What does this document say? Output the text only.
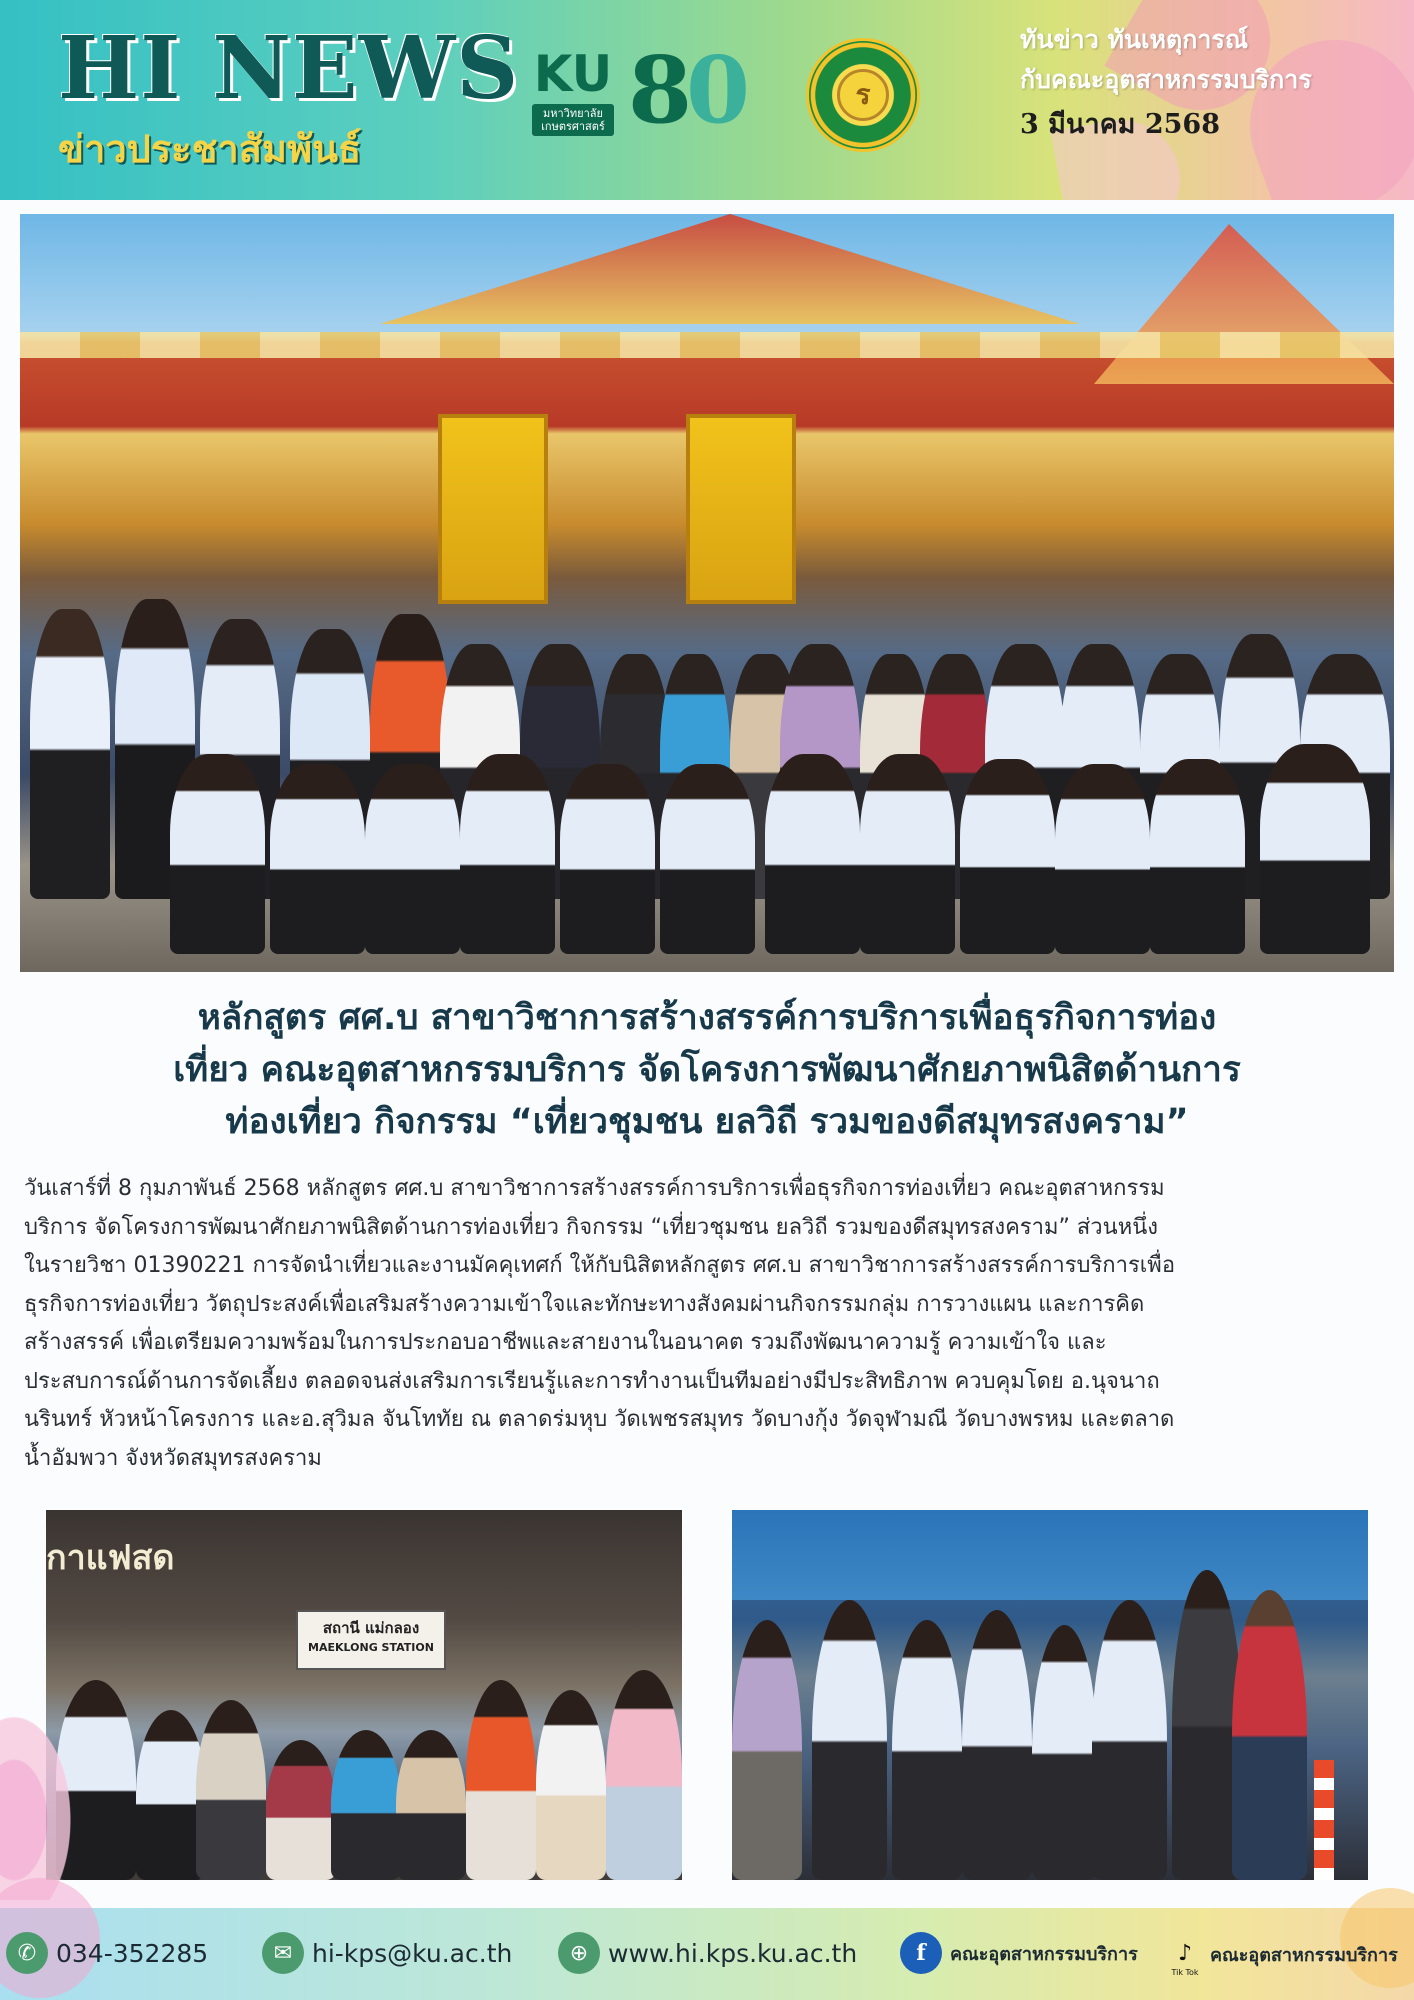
HI NEWS
ข่าวประชาสัมพันธ์
KU
มหาวิทยาลัยเกษตรศาสตร์ 80	ร
ทันข่าว ทันเหตุการณ์
กับคณะอุตสาหกรรมบริการ
3 มีนาคม 2568
หลักสูตร ศศ.บ สาขาวิชาการสร้างสรรค์การบริการเพื่อธุรกิจการท่อง
เที่ยว คณะอุตสาหกรรมบริการ จัดโครงการพัฒนาศักยภาพนิสิตด้านการ
ท่องเที่ยว กิจกรรม “เที่ยวชุมชน ยลวิถี รวมของดีสมุทรสงคราม”
วันเสาร์ที่ 8 กุมภาพันธ์ 2568 หลักสูตร ศศ.บ สาขาวิชาการสร้างสรรค์การบริการเพื่อธุรกิจการท่องเที่ยว คณะอุตสาหกรรม
บริการ จัดโครงการพัฒนาศักยภาพนิสิตด้านการท่องเที่ยว กิจกรรม “เที่ยวชุมชน ยลวิถี รวมของดีสมุทรสงคราม” ส่วนหนึ่ง
ในรายวิชา 01390221 การจัดนำเที่ยวและงานมัคคุเทศก์ ให้กับนิสิตหลักสูตร ศศ.บ สาขาวิชาการสร้างสรรค์การบริการเพื่อ
ธุรกิจการท่องเที่ยว วัตถุประสงค์เพื่อเสริมสร้างความเข้าใจและทักษะทางสังคมผ่านกิจกรรมกลุ่ม การวางแผน และการคิด
สร้างสรรค์ เพื่อเตรียมความพร้อมในการประกอบอาชีพและสายงานในอนาคต รวมถึงพัฒนาความรู้ ความเข้าใจ และ
ประสบการณ์ด้านการจัดเลี้ยง ตลอดจนส่งเสริมการเรียนรู้และการทำงานเป็นทีมอย่างมีประสิทธิภาพ ควบคุมโดย อ.นุจนาถ
นรินทร์ หัวหน้าโครงการ และอ.สุวิมล จันโททัย ณ ตลาดร่มหุบ วัดเพชรสมุทร วัดบางกุ้ง วัดจุฬามณี วัดบางพรหม และตลาด
น้ำอัมพวา จังหวัดสมุทรสงคราม
สถานี แม่กลอง
MAEKLONG STATION
กาแฟสด
✆ 034-352285	✉ hi-kps@ku.ac.th	⊕ www.hi.kps.ku.ac.th	f	คณะอุตสาหกรรมบริการ	♪
Tik Tok
คณะอุตสาหกรรมบริการ
